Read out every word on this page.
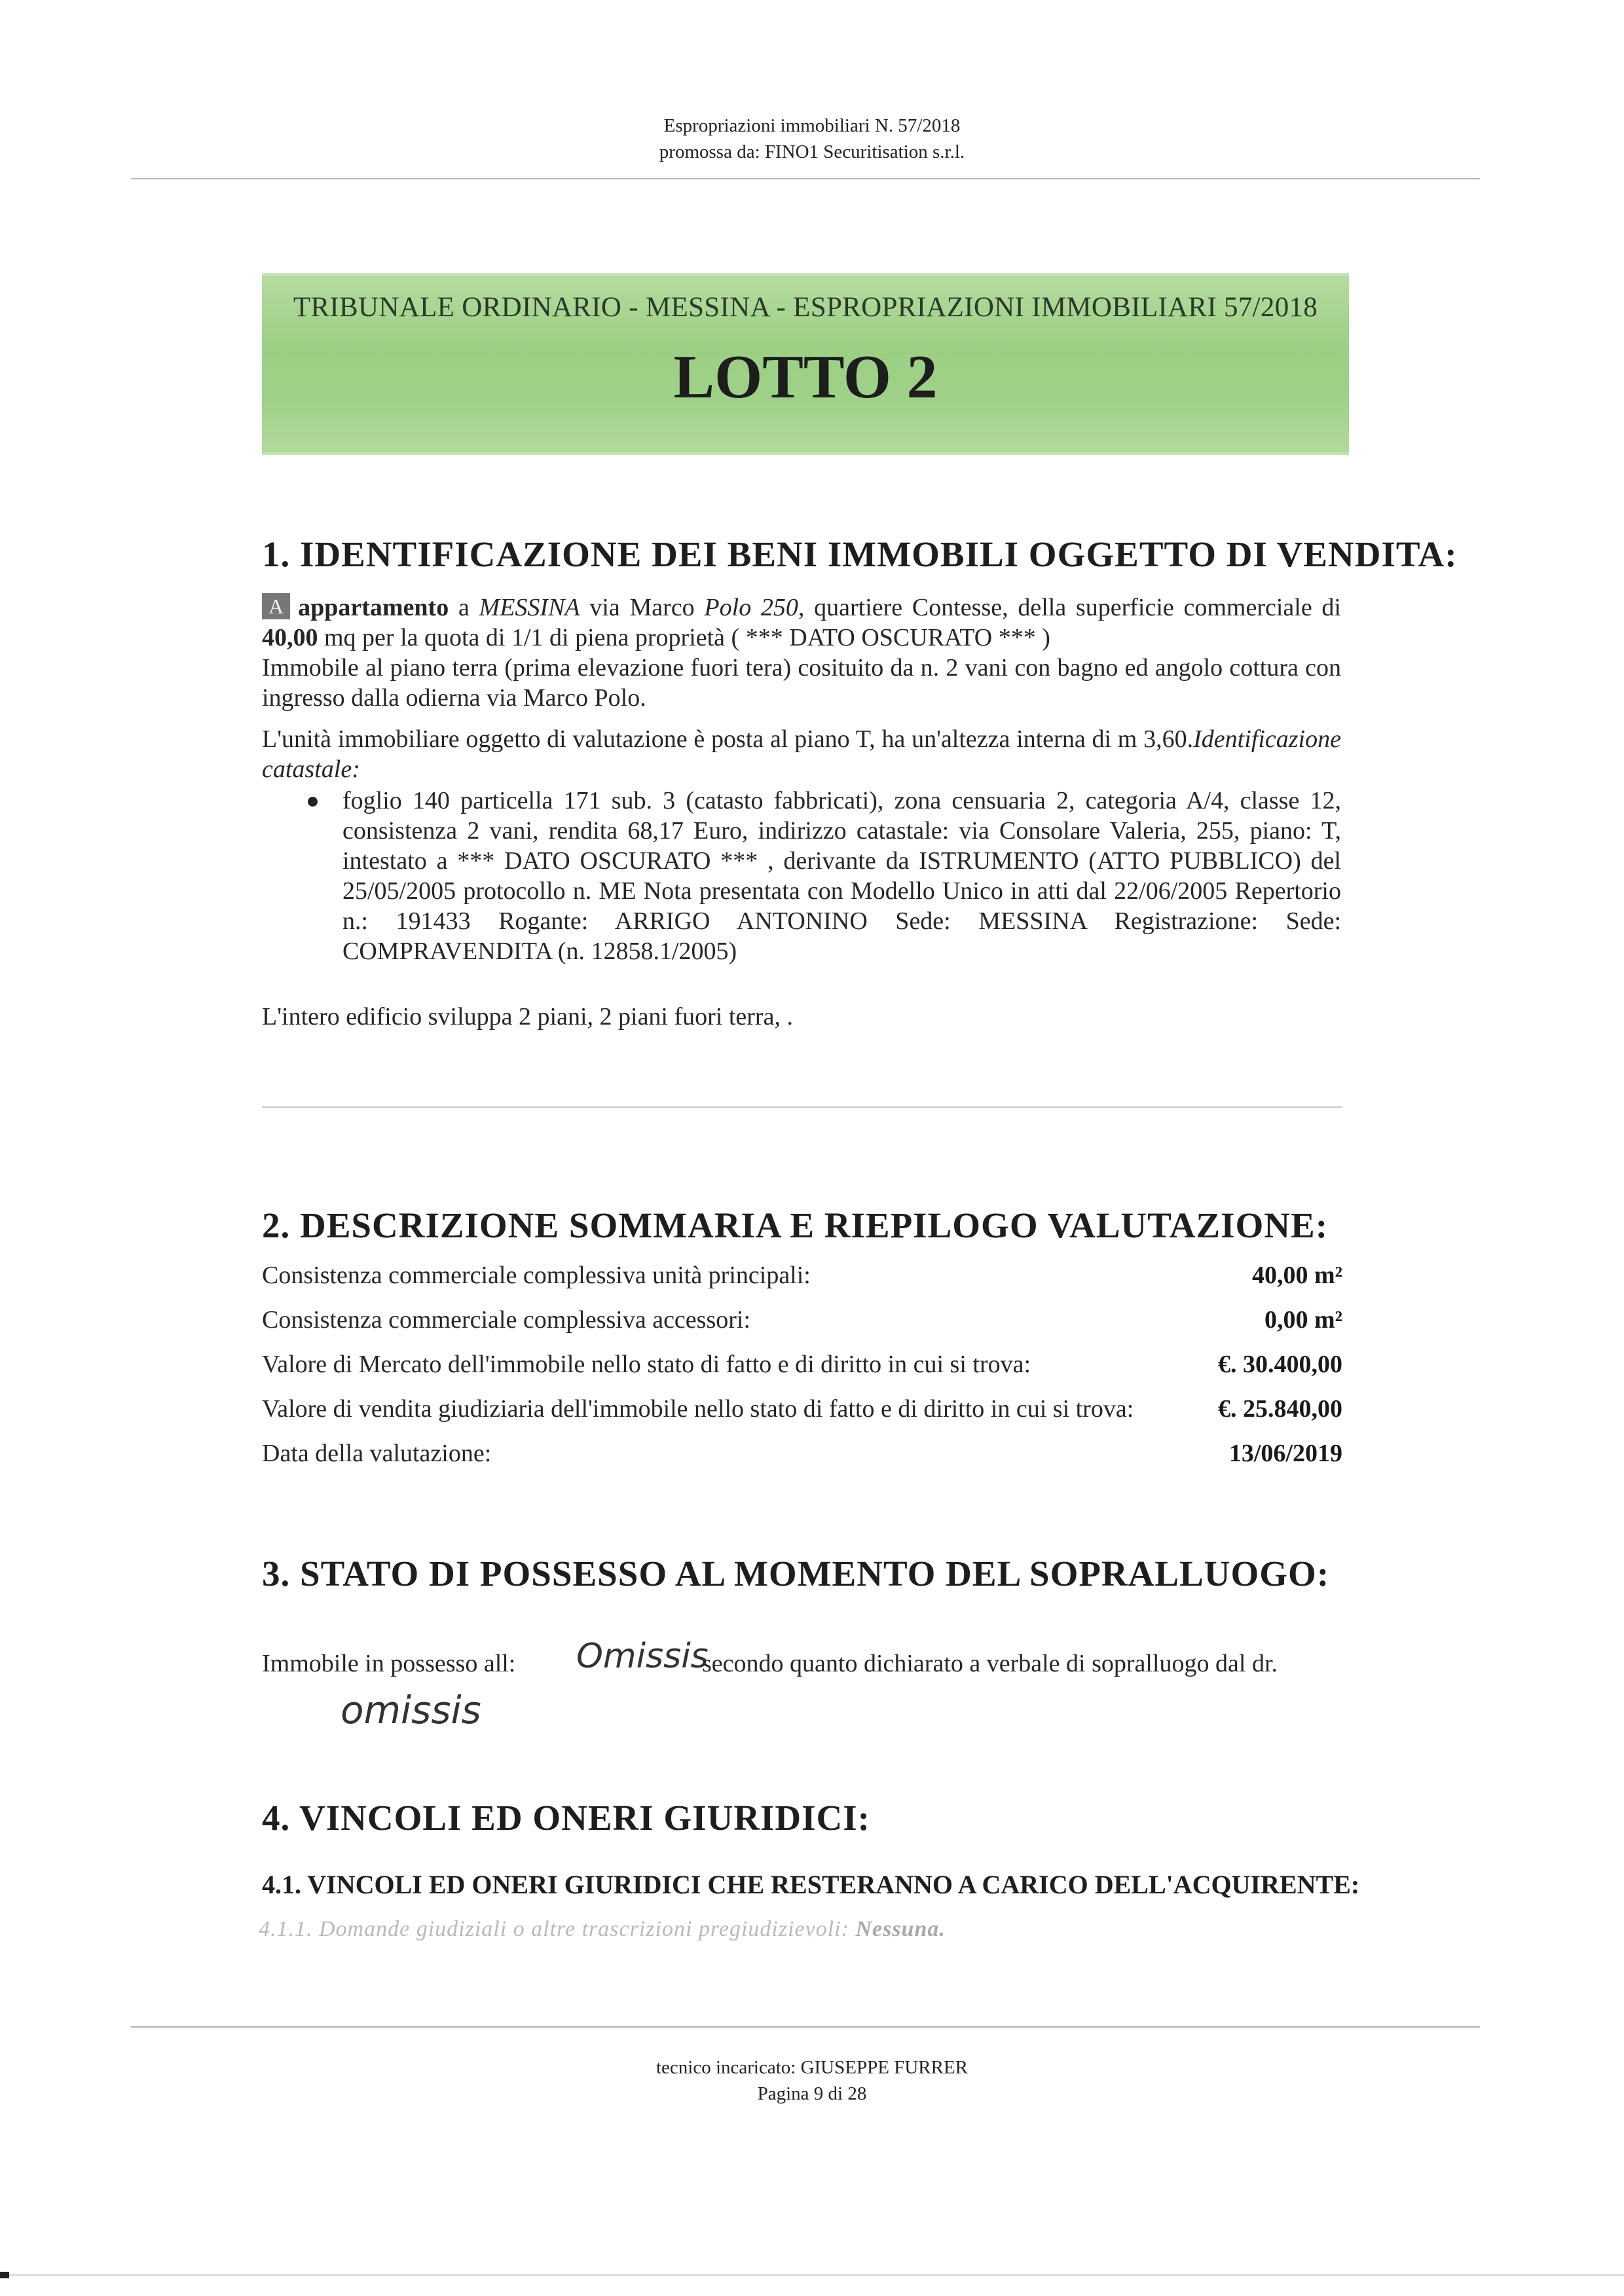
Espropriazioni immobiliari N. 57/2018
promossa da: FINO1 Securitisation s.r.l.
TRIBUNALE ORDINARIO - MESSINA - ESPROPRIAZIONI IMMOBILIARI 57/2018
LOTTO 2
1. IDENTIFICAZIONE DEI BENI IMMOBILI OGGETTO DI VENDITA:
A appartamento a MESSINA via Marco Polo 250, quartiere Contesse, della superficie commerciale di 40,00 mq per la quota di 1/1 di piena proprietà ( *** DATO OSCURATO *** )
Immobile al piano terra (prima elevazione fuori tera) cosituito da n. 2 vani con bagno ed angolo cottura con ingresso dalla odierna via Marco Polo.
L'unità immobiliare oggetto di valutazione è posta al piano T, ha un'altezza interna di m 3,60.Identificazione catastale:
foglio 140 particella 171 sub. 3 (catasto fabbricati), zona censuaria 2, categoria A/4, classe 12, consistenza 2 vani, rendita 68,17 Euro, indirizzo catastale: via Consolare Valeria, 255, piano: T, intestato a *** DATO OSCURATO *** , derivante da ISTRUMENTO (ATTO PUBBLICO) del 25/05/2005 protocollo n. ME Nota presentata con Modello Unico in atti dal 22/06/2005 Repertorio n.: 191433 Rogante: ARRIGO ANTONINO Sede: MESSINA Registrazione: Sede: COMPRAVENDITA (n. 12858.1/2005)
L'intero edificio sviluppa 2 piani, 2 piani fuori terra, .
2. DESCRIZIONE SOMMARIA E RIEPILOGO VALUTAZIONE:
Consistenza commerciale complessiva unità principali:	40,00 m²
Consistenza commerciale complessiva accessori:	0,00 m²
Valore di Mercato dell'immobile nello stato di fatto e di diritto in cui si trova:	€. 30.400,00
Valore di vendita giudiziaria dell'immobile nello stato di fatto e di diritto in cui si trova:	€. 25.840,00
Data della valutazione:	13/06/2019
3. STATO DI POSSESSO AL MOMENTO DEL SOPRALLUOGO:
Immobile in possesso all: Omissis
secondo quanto dichiarato a verbale di sopralluogo dal dr.
omissis
4. VINCOLI ED ONERI GIURIDICI:
4.1. VINCOLI ED ONERI GIURIDICI CHE RESTERANNO A CARICO DELL'ACQUIRENTE:
4.1.1. Domande giudiziali o altre trascrizioni pregiudizievoli: Nessuna.
tecnico incaricato: GIUSEPPE FURRER
Pagina 9 di 28
